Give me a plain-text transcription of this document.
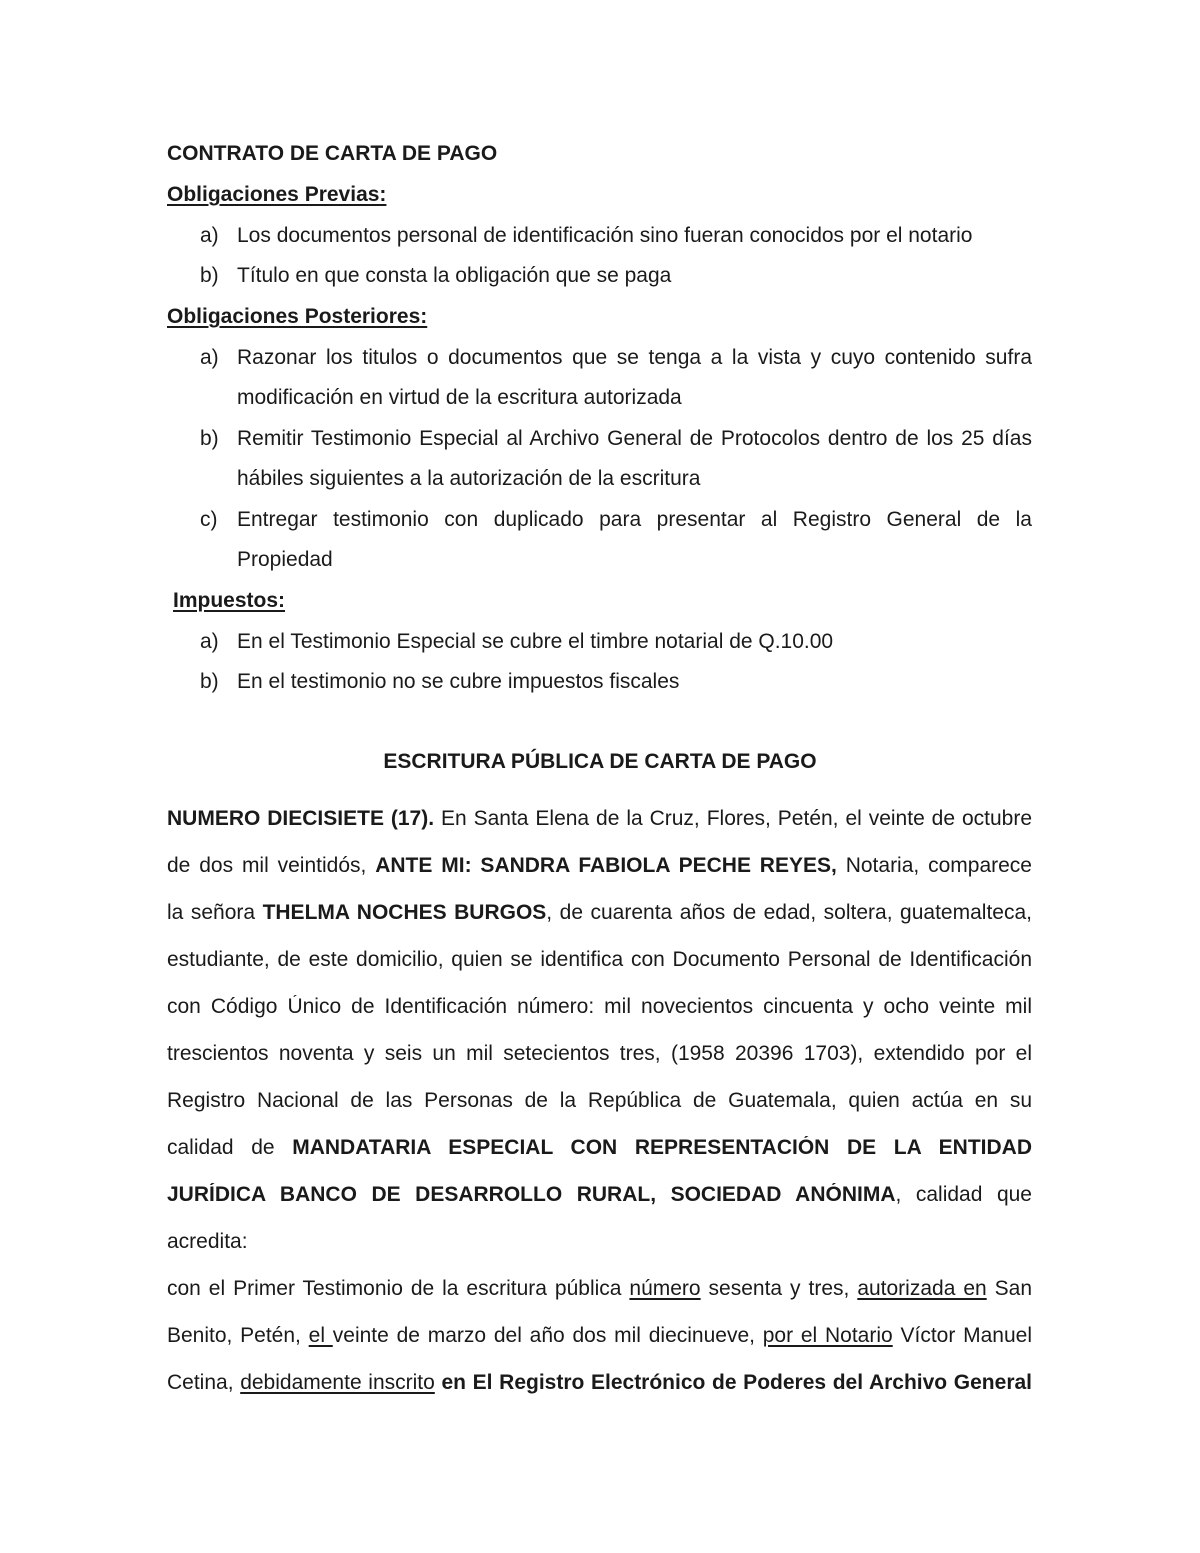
CONTRATO DE CARTA DE PAGO
Obligaciones Previas:
a) Los documentos personal de identificación sino fueran conocidos por el notario
b) Título en que consta la obligación que se paga
Obligaciones Posteriores:
a) Razonar los titulos o documentos que se tenga a la vista y cuyo contenido sufra
modificación en virtud de la escritura autorizada
b) Remitir Testimonio Especial al Archivo General de Protocolos dentro de los 25 días
hábiles siguientes a la autorización de la escritura
c) Entregar testimonio con duplicado para presentar al Registro General de la
Propiedad
Impuestos:
a) En el Testimonio Especial se cubre el timbre notarial de Q.10.00
b) En el testimonio no se cubre impuestos fiscales
ESCRITURA PÚBLICA DE CARTA DE PAGO
NUMERO DIECISIETE (17). En Santa Elena de la Cruz, Flores, Petén, el veinte de octubre
de dos mil veintidós, ANTE MI: SANDRA FABIOLA PECHE REYES, Notaria, comparece
la señora THELMA NOCHES BURGOS, de cuarenta años de edad, soltera, guatemalteca,
estudiante, de este domicilio, quien se identifica con Documento Personal de Identificación
con Código Único de Identificación número: mil novecientos cincuenta y ocho veinte mil
trescientos noventa y seis un mil setecientos tres, (1958 20396 1703), extendido por el
Registro Nacional de las Personas de la República de Guatemala, quien actúa en su
calidad de MANDATARIA ESPECIAL CON REPRESENTACIÓN DE LA ENTIDAD
JURÍDICA BANCO DE DESARROLLO RURAL, SOCIEDAD ANÓNIMA, calidad que
acredita:
con el Primer Testimonio de la escritura pública número sesenta y tres, autorizada en San
Benito, Petén, el veinte de marzo del año dos mil diecinueve, por el Notario Víctor Manuel
Cetina, debidamente inscrito en El Registro Electrónico de Poderes del Archivo General
